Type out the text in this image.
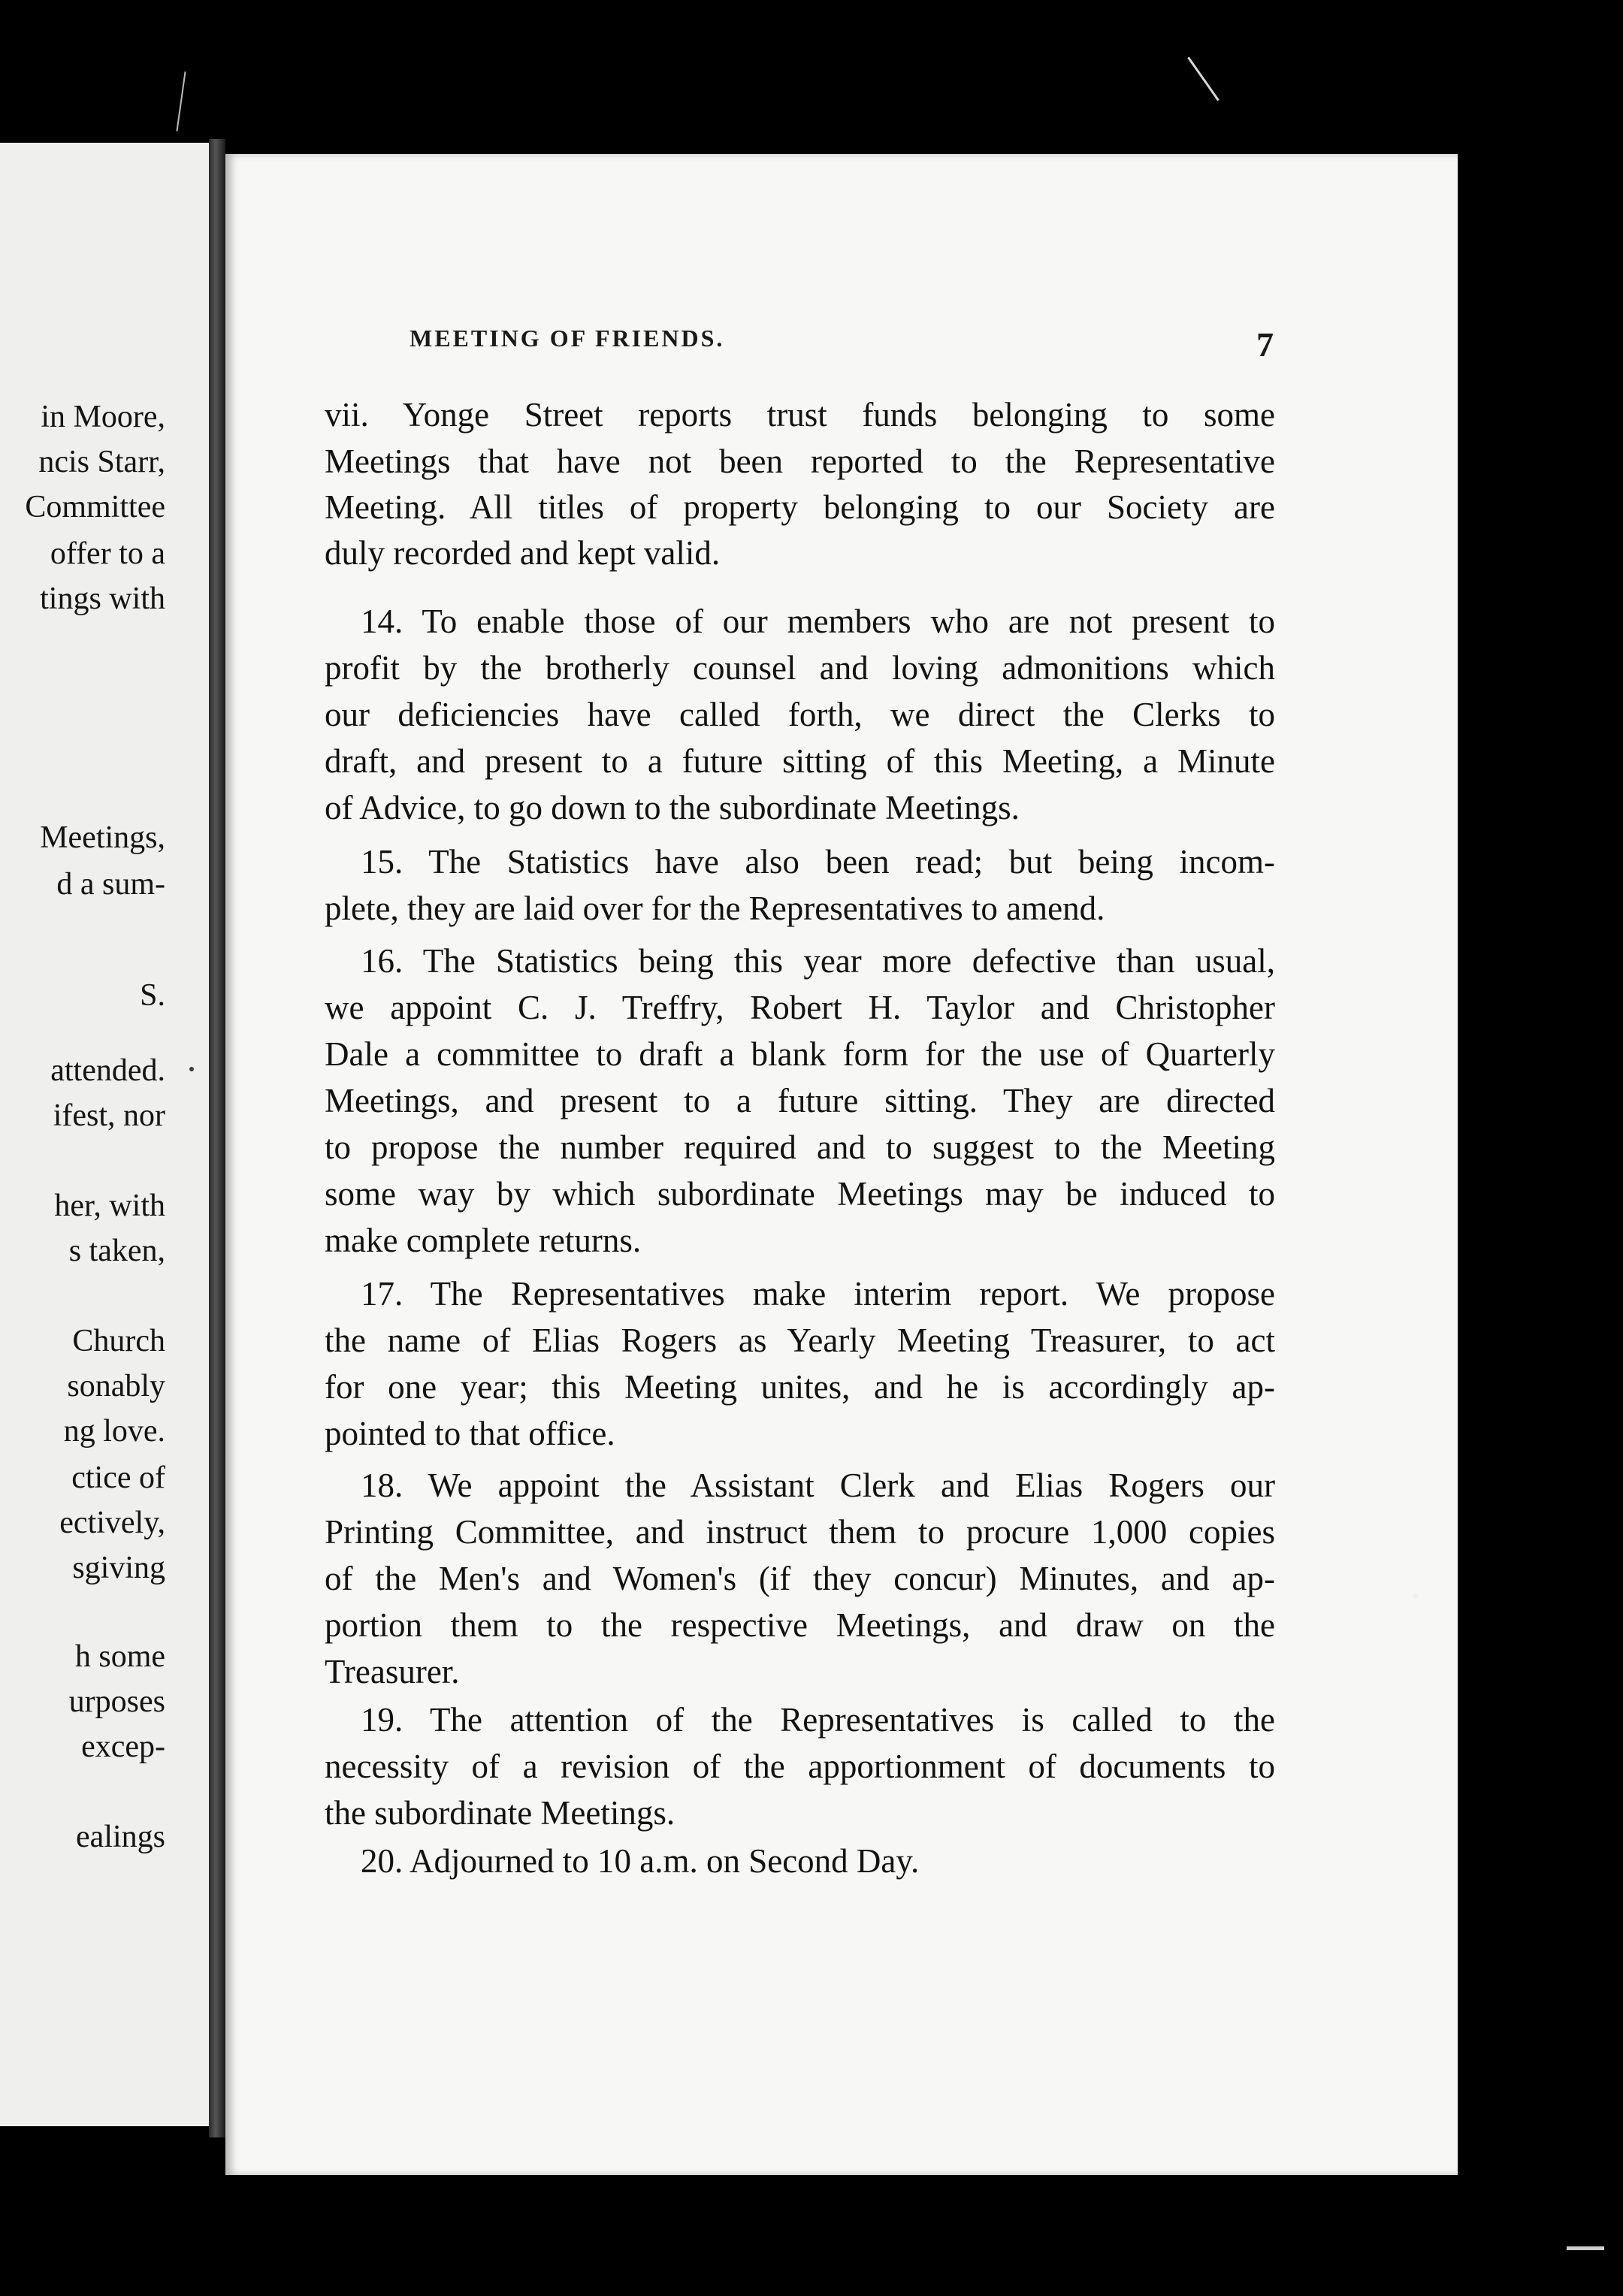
in Moore,
ncis Starr,
Committee
offer to a
tings with
Meetings,
d a sum-
S.
attended.
ifest, nor
her, with
s taken,
Church
sonably
ng love.
ctice of
ectively,
sgiving
h some
urposes
excep-
ealings
MEETING OF FRIENDS.	7
vii. Yonge Street reports trust funds belonging to some
Meetings that have not been reported to the Representative
Meeting. All titles of property belonging to our Society are
duly recorded and kept valid.
14. To enable those of our members who are not present to
profit by the brotherly counsel and loving admonitions which
our deficiencies have called forth, we direct the Clerks to
draft, and present to a future sitting of this Meeting, a Minute
of Advice, to go down to the subordinate Meetings.
15. The Statistics have also been read; but being incom-
plete, they are laid over for the Representatives to amend.
16. The Statistics being this year more defective than usual,
we appoint C. J. Treffry, Robert H. Taylor and Christopher
Dale a committee to draft a blank form for the use of Quarterly
Meetings, and present to a future sitting. They are directed
to propose the number required and to suggest to the Meeting
some way by which subordinate Meetings may be induced to
make complete returns.
17. The Representatives make interim report. We propose
the name of Elias Rogers as Yearly Meeting Treasurer, to act
for one year; this Meeting unites, and he is accordingly ap-
pointed to that office.
18. We appoint the Assistant Clerk and Elias Rogers our
Printing Committee, and instruct them to procure 1,000 copies
of the Men's and Women's (if they concur) Minutes, and ap-
portion them to the respective Meetings, and draw on the
Treasurer.
19. The attention of the Representatives is called to the
necessity of a revision of the apportionment of documents to
the subordinate Meetings.
20. Adjourned to 10 a.m. on Second Day.
